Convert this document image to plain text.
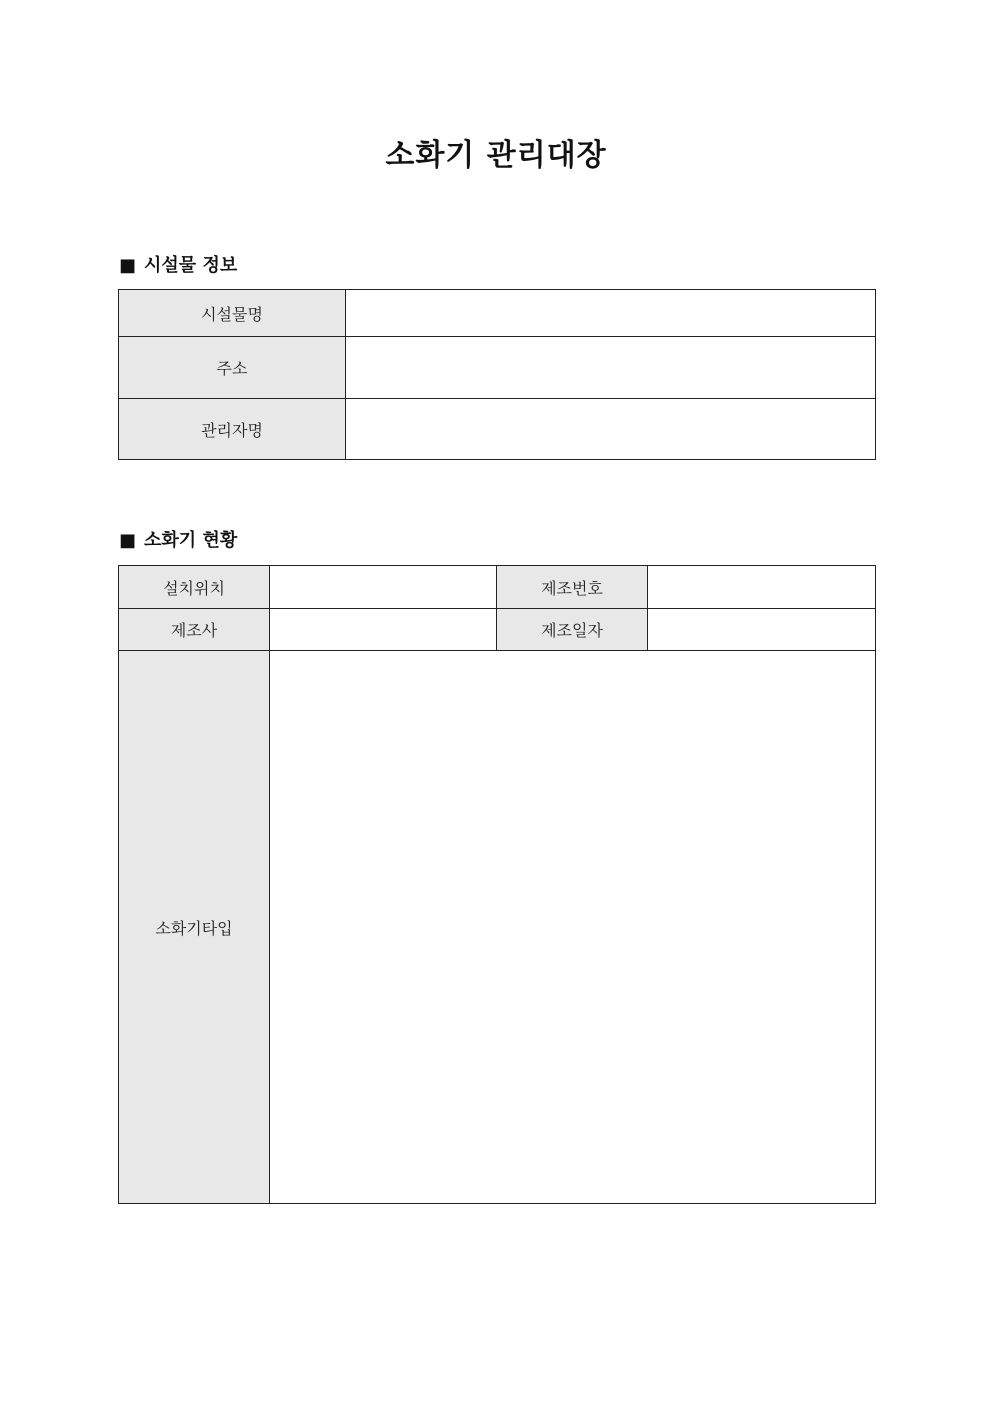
소화기 관리대장
■ 시설물 정보
시설물명	
주소	
관리자명	
■ 소화기 현황
설치위치		제조번호	
제조사		제조일자	
소화기타입			
